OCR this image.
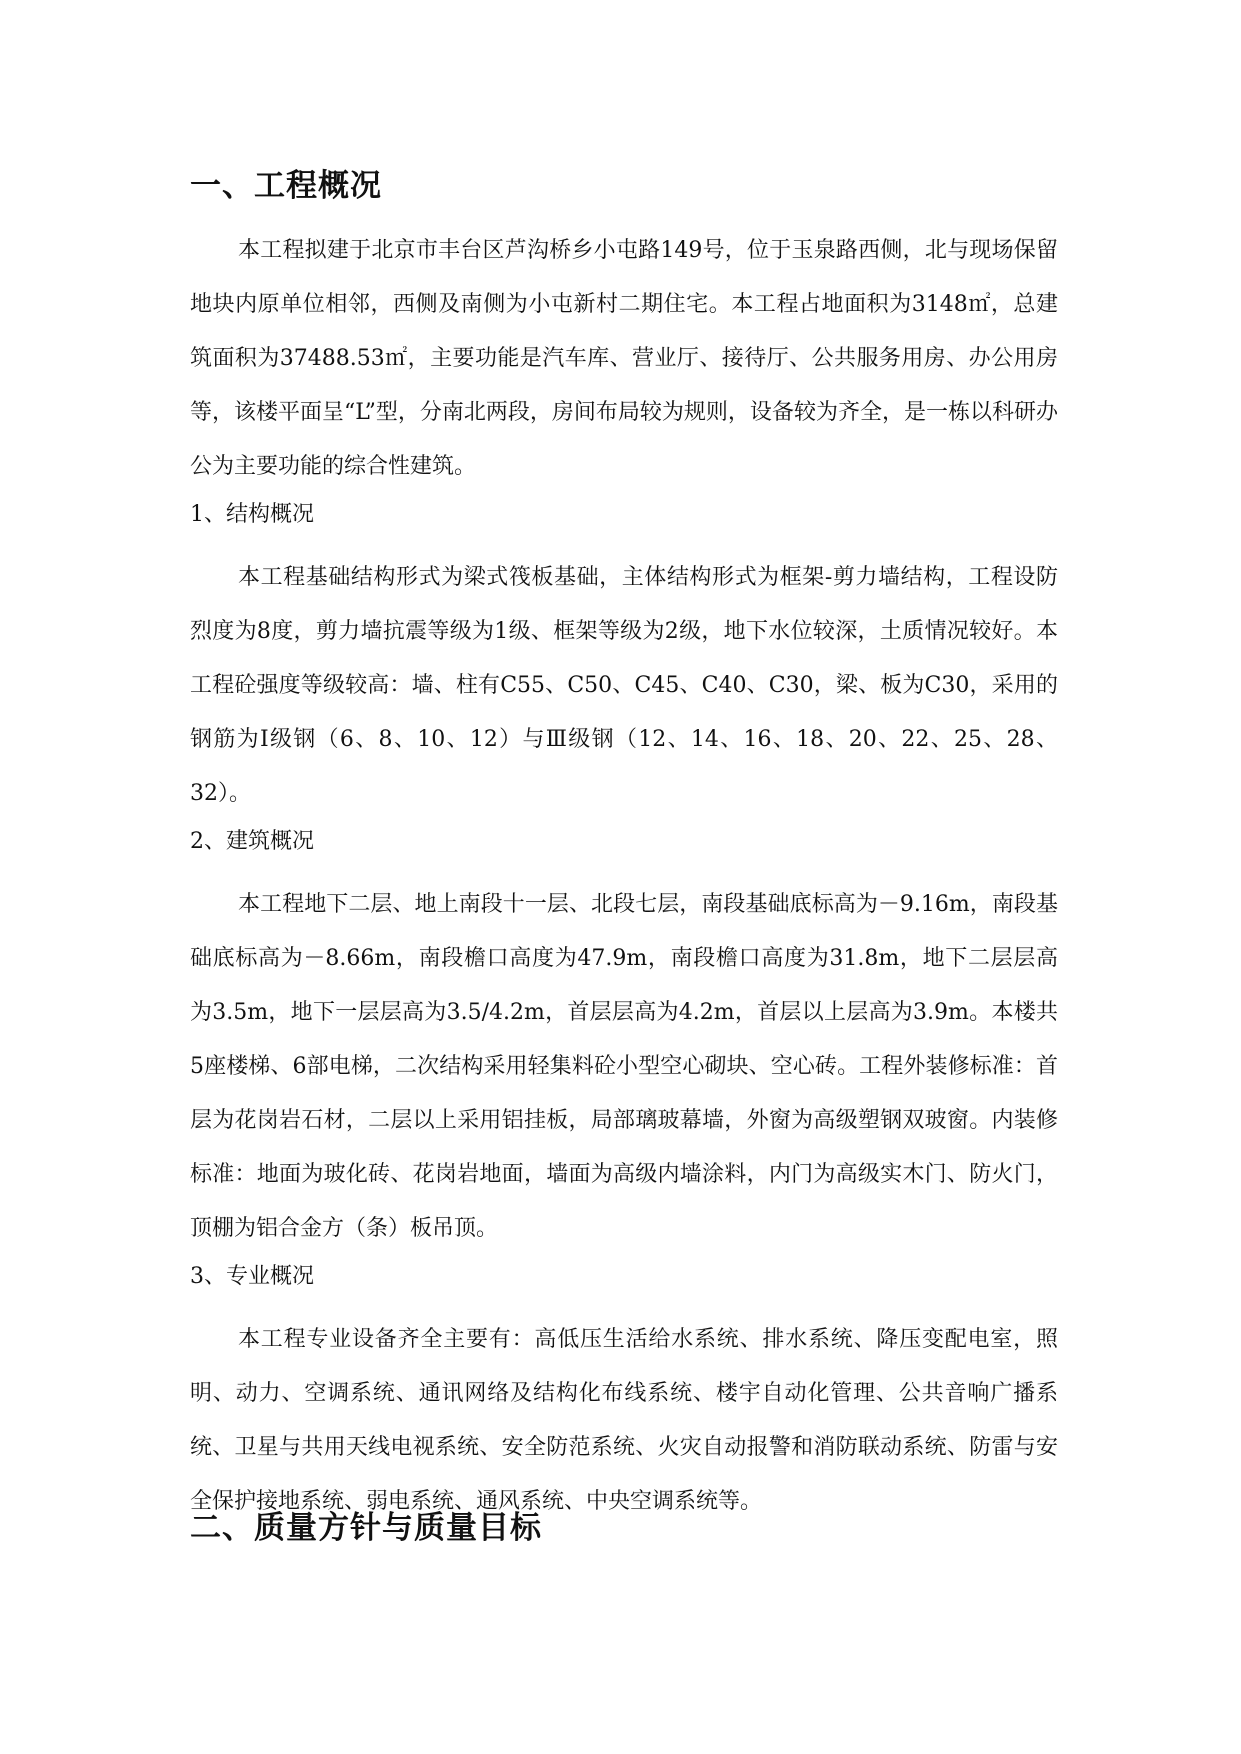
一、工程概况

本工程拟建于北京市丰台区芦沟桥乡小屯路149号，位于玉泉路西侧，北与现场保留地块内原单位相邻，西侧及南侧为小屯新村二期住宅。本工程占地面积为3148㎡，总建筑面积为37488.53㎡，主要功能是汽车库、营业厅、接待厅、公共服务用房、办公用房等，该楼平面呈“L”型，分南北两段，房间布局较为规则，设备较为齐全，是一栋以科研办公为主要功能的综合性建筑。

1、结构概况

本工程基础结构形式为梁式筏板基础，主体结构形式为框架-剪力墙结构，工程设防烈度为8度，剪力墙抗震等级为1级、框架等级为2级，地下水位较深，土质情况较好。本工程砼强度等级较高：墙、柱有C55、C50、C45、C40、C30，梁、板为C30，采用的钢筋为Ⅰ级钢（6、8、10、12）与Ⅲ级钢（12、14、16、18、20、22、25、28、32）。

2、建筑概况

本工程地下二层、地上南段十一层、北段七层，南段基础底标高为－9.16m，南段基础底标高为－8.66m，南段檐口高度为47.9m，南段檐口高度为31.8m，地下二层层高为3.5m，地下一层层高为3.5/4.2m，首层层高为4.2m，首层以上层高为3.9m。本楼共5座楼梯、6部电梯，二次结构采用轻集料砼小型空心砌块、空心砖。工程外装修标准：首层为花岗岩石材，二层以上采用铝挂板，局部璃玻幕墙，外窗为高级塑钢双玻窗。内装修标准：地面为玻化砖、花岗岩地面，墙面为高级内墙涂料，内门为高级实木门、防火门，顶棚为铝合金方（条）板吊顶。

3、专业概况

本工程专业设备齐全主要有：高低压生活给水系统、排水系统、降压变配电室，照明、动力、空调系统、通讯网络及结构化布线系统、楼宇自动化管理、公共音响广播系统、卫星与共用天线电视系统、安全防范系统、火灾自动报警和消防联动系统、防雷与安全保护接地系统、弱电系统、通风系统、中央空调系统等。

二、质量方针与质量目标
